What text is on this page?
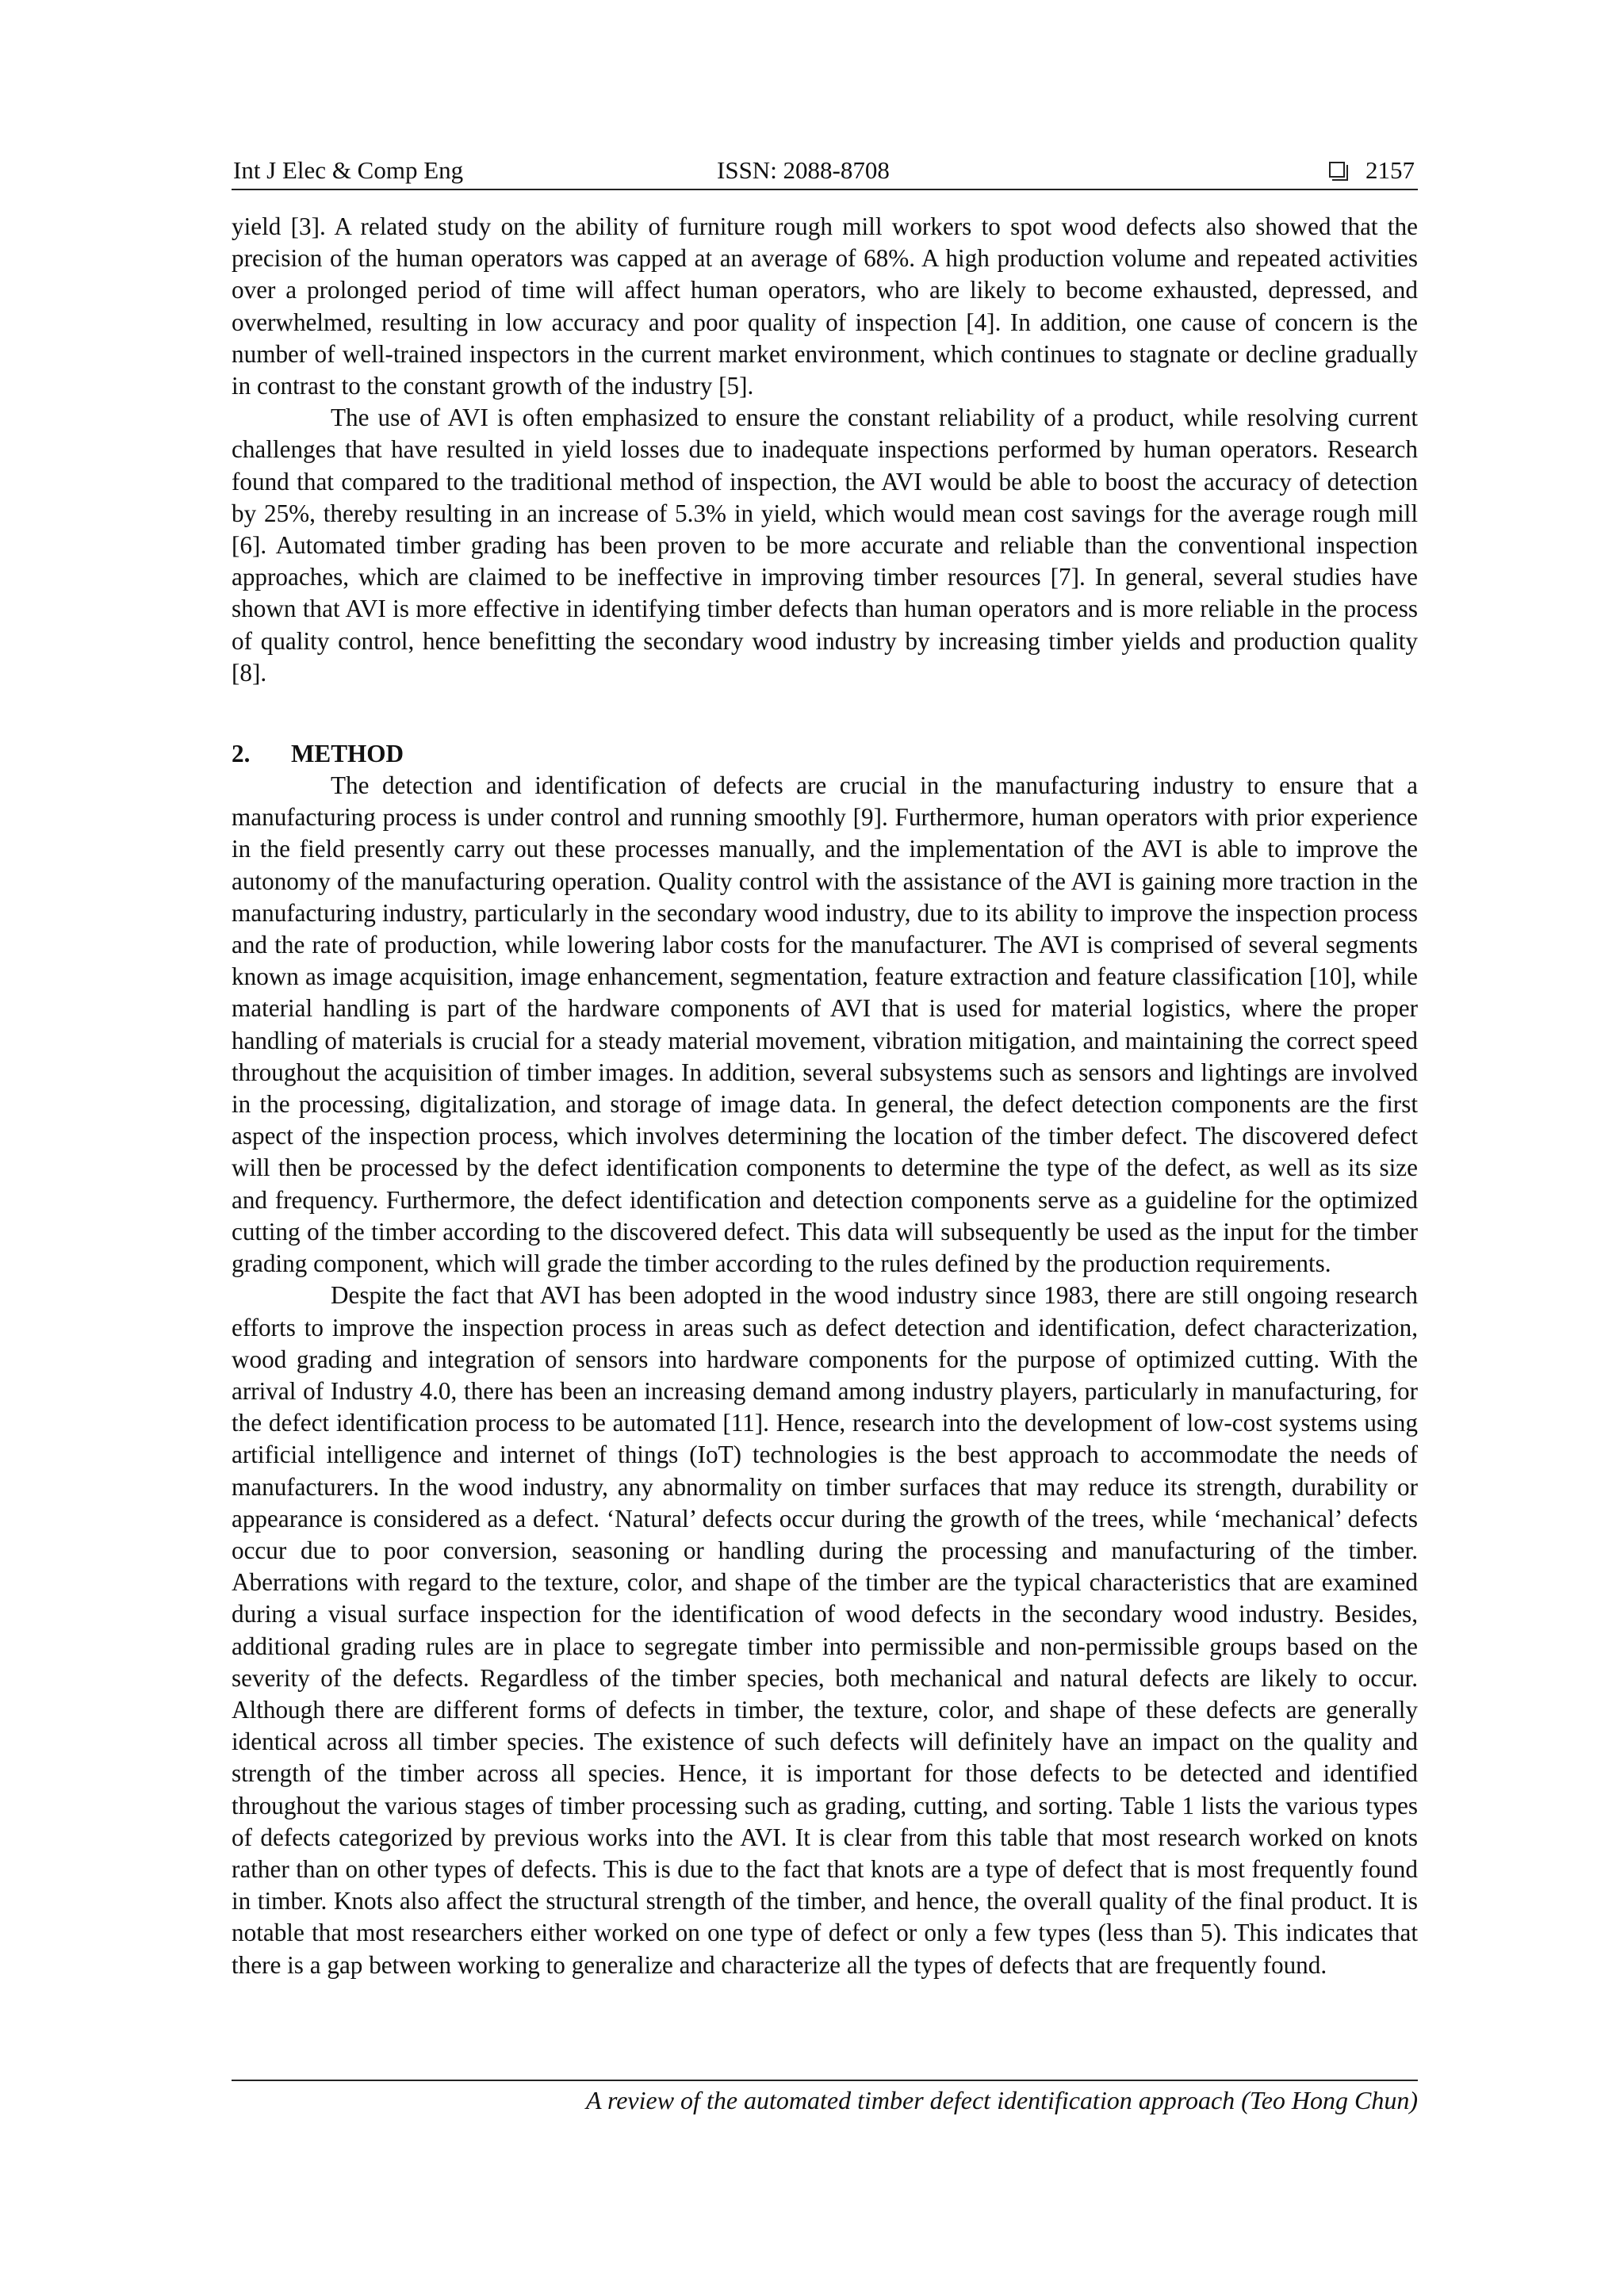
Int J Elec & Comp Eng	ISSN: 2088-8708	2157

yield [3]. A related study on the ability of furniture rough mill workers to spot wood defects also showed that the precision of the human operators was capped at an average of 68%. A high production volume and repeated activities over a prolonged period of time will affect human operators, who are likely to become exhausted, depressed, and overwhelmed, resulting in low accuracy and poor quality of inspection [4]. In addition, one cause of concern is the number of well-trained inspectors in the current market environment, which continues to stagnate or decline gradually in contrast to the constant growth of the industry [5].

The use of AVI is often emphasized to ensure the constant reliability of a product, while resolving current challenges that have resulted in yield losses due to inadequate inspections performed by human operators. Research found that compared to the traditional method of inspection, the AVI would be able to boost the accuracy of detection by 25%, thereby resulting in an increase of 5.3% in yield, which would mean cost savings for the average rough mill [6]. Automated timber grading has been proven to be more accurate and reliable than the conventional inspection approaches, which are claimed to be ineffective in improving timber resources [7]. In general, several studies have shown that AVI is more effective in identifying timber defects than human operators and is more reliable in the process of quality control, hence benefitting the secondary wood industry by increasing timber yields and production quality [8].

2. METHOD

The detection and identification of defects are crucial in the manufacturing industry to ensure that a manufacturing process is under control and running smoothly [9]. Furthermore, human operators with prior experience in the field presently carry out these processes manually, and the implementation of the AVI is able to improve the autonomy of the manufacturing operation. Quality control with the assistance of the AVI is gaining more traction in the manufacturing industry, particularly in the secondary wood industry, due to its ability to improve the inspection process and the rate of production, while lowering labor costs for the manufacturer. The AVI is comprised of several segments known as image acquisition, image enhancement, segmentation, feature extraction and feature classification [10], while material handling is part of the hardware components of AVI that is used for material logistics, where the proper handling of materials is crucial for a steady material movement, vibration mitigation, and maintaining the correct speed throughout the acquisition of timber images. In addition, several subsystems such as sensors and lightings are involved in the processing, digitalization, and storage of image data. In general, the defect detection components are the first aspect of the inspection process, which involves determining the location of the timber defect. The discovered defect will then be processed by the defect identification components to determine the type of the defect, as well as its size and frequency. Furthermore, the defect identification and detection components serve as a guideline for the optimized cutting of the timber according to the discovered defect. This data will subsequently be used as the input for the timber grading component, which will grade the timber according to the rules defined by the production requirements.

Despite the fact that AVI has been adopted in the wood industry since 1983, there are still ongoing research efforts to improve the inspection process in areas such as defect detection and identification, defect characterization, wood grading and integration of sensors into hardware components for the purpose of optimized cutting. With the arrival of Industry 4.0, there has been an increasing demand among industry players, particularly in manufacturing, for the defect identification process to be automated [11]. Hence, research into the development of low-cost systems using artificial intelligence and internet of things (IoT) technologies is the best approach to accommodate the needs of manufacturers. In the wood industry, any abnormality on timber surfaces that may reduce its strength, durability or appearance is considered as a defect. ‘Natural’ defects occur during the growth of the trees, while ‘mechanical’ defects occur due to poor conversion, seasoning or handling during the processing and manufacturing of the timber. Aberrations with regard to the texture, color, and shape of the timber are the typical characteristics that are examined during a visual surface inspection for the identification of wood defects in the secondary wood industry. Besides, additional grading rules are in place to segregate timber into permissible and non-permissible groups based on the severity of the defects. Regardless of the timber species, both mechanical and natural defects are likely to occur. Although there are different forms of defects in timber, the texture, color, and shape of these defects are generally identical across all timber species. The existence of such defects will definitely have an impact on the quality and strength of the timber across all species. Hence, it is important for those defects to be detected and identified throughout the various stages of timber processing such as grading, cutting, and sorting. Table 1 lists the various types of defects categorized by previous works into the AVI. It is clear from this table that most research worked on knots rather than on other types of defects. This is due to the fact that knots are a type of defect that is most frequently found in timber. Knots also affect the structural strength of the timber, and hence, the overall quality of the final product. It is notable that most researchers either worked on one type of defect or only a few types (less than 5). This indicates that there is a gap between working to generalize and characterize all the types of defects that are frequently found.

A review of the automated timber defect identification approach (Teo Hong Chun)
